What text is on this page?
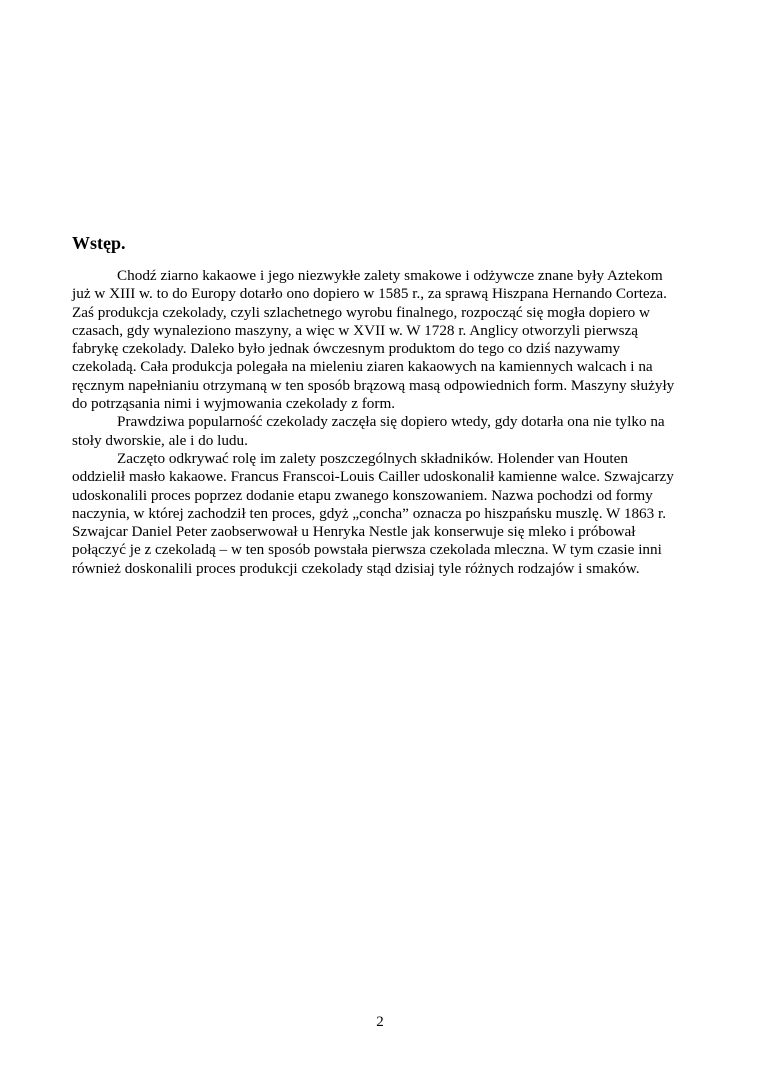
Wstęp.
Chodź ziarno kakaowe i jego niezwykłe zalety smakowe i odżywcze znane były Aztekom
już w XIII w. to do Europy dotarło ono dopiero w 1585 r., za sprawą Hiszpana Hernando Corteza.
Zaś produkcja czekolady, czyli szlachetnego wyrobu finalnego, rozpocząć się mogła dopiero w
czasach, gdy wynaleziono maszyny, a więc w XVII w. W 1728 r. Anglicy otworzyli pierwszą
fabrykę czekolady. Daleko było jednak ówczesnym produktom do tego co dziś nazywamy
czekoladą. Cała produkcja polegała na mieleniu ziaren kakaowych na kamiennych walcach i na
ręcznym napełnianiu otrzymaną w ten sposób brązową masą odpowiednich form. Maszyny służyły
do potrząsania nimi i wyjmowania czekolady z form.
Prawdziwa popularność czekolady zaczęła się dopiero wtedy, gdy dotarła ona nie tylko na
stoły dworskie, ale i do ludu.
Zaczęto odkrywać rolę im zalety poszczególnych składników. Holender van Houten
oddzielił masło kakaowe. Francus Franscoi-Louis Cailler udoskonalił kamienne walce. Szwajcarzy
udoskonalili proces poprzez dodanie etapu zwanego konszowaniem. Nazwa pochodzi od formy
naczynia, w której zachodził ten proces, gdyż „concha” oznacza po hiszpańsku muszlę. W 1863 r.
Szwajcar Daniel Peter zaobserwował u Henryka Nestle jak konserwuje się mleko i próbował
połączyć je z czekoladą – w ten sposób powstała pierwsza czekolada mleczna. W tym czasie inni
również doskonalili proces produkcji czekolady stąd dzisiaj tyle różnych rodzajów i smaków.
2
